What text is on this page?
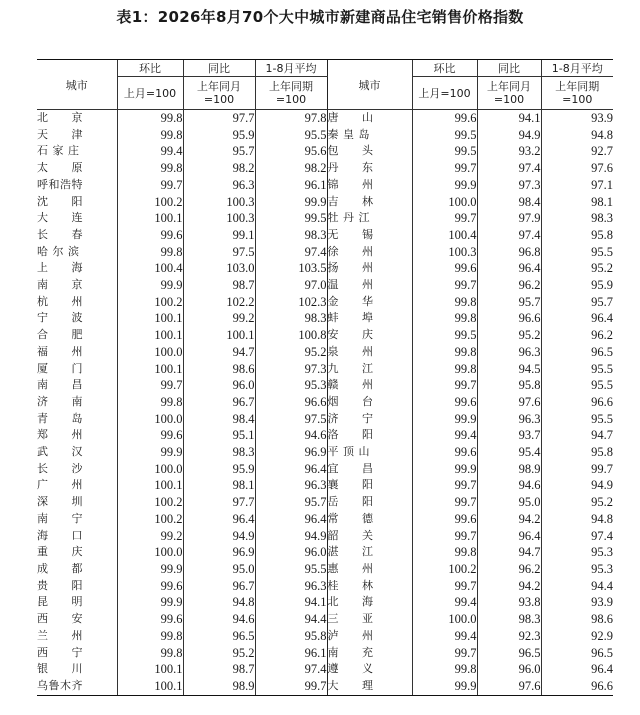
表1：2026年8月70个大中城市新建商品住宅销售价格指数
城市	环比	同比	1-8月平均	城市	环比	同比	1-8月平均
	上月=100	上年同月=100	上年同期=100		上月=100	上年同月=100	上年同期=100
北　　京	99.8	97.7	97.8	唐　　山	99.6	94.1	93.9
天　　津	99.8	95.9	95.5	秦 皇 岛	99.5	94.9	94.8
石 家 庄	99.4	95.7	95.6	包　　头	99.5	93.2	92.7
太　　原	99.8	98.2	98.2	丹　　东	99.7	97.4	97.6
呼和浩特	99.7	96.3	96.1	锦　　州	99.9	97.3	97.1
沈　　阳	100.2	100.3	99.9	吉　　林	100.0	98.4	98.1
大　　连	100.1	100.3	99.5	牡 丹 江	99.7	97.9	98.3
长　　春	99.6	99.1	98.3	无　　锡	100.4	97.4	95.8
哈 尔 滨	99.8	97.5	97.4	徐　　州	100.3	96.8	95.5
上　　海	100.4	103.0	103.5	扬　　州	99.6	96.4	95.2
南　　京	99.9	98.7	97.0	温　　州	99.7	96.2	95.9
杭　　州	100.2	102.2	102.3	金　　华	99.8	95.7	95.7
宁　　波	100.1	99.2	98.3	蚌　　埠	99.8	96.6	96.4
合　　肥	100.1	100.1	100.8	安　　庆	99.5	95.2	96.2
福　　州	100.0	94.7	95.2	泉　　州	99.8	96.3	96.5
厦　　门	100.1	98.6	97.3	九　　江	99.8	94.5	95.5
南　　昌	99.7	96.0	95.3	赣　　州	99.7	95.8	95.5
济　　南	99.8	96.7	96.6	烟　　台	99.6	97.6	96.6
青　　岛	100.0	98.4	97.5	济　　宁	99.9	96.3	95.5
郑　　州	99.6	95.1	94.6	洛　　阳	99.4	93.7	94.7
武　　汉	99.9	98.3	96.9	平 顶 山	99.6	95.4	95.8
长　　沙	100.0	95.9	96.4	宜　　昌	99.9	98.9	99.7
广　　州	100.1	98.1	96.3	襄　　阳	99.7	94.6	94.9
深　　圳	100.2	97.7	95.7	岳　　阳	99.7	95.0	95.2
南　　宁	100.2	96.4	96.4	常　　德	99.6	94.2	94.8
海　　口	99.2	94.9	94.9	韶　　关	99.7	96.4	97.4
重　　庆	100.0	96.9	96.0	湛　　江	99.8	94.7	95.3
成　　都	99.9	95.0	95.5	惠　　州	100.2	96.2	95.3
贵　　阳	99.6	96.7	96.3	桂　　林	99.7	94.2	94.4
昆　　明	99.9	94.8	94.1	北　　海	99.4	93.8	93.9
西　　安	99.6	94.6	94.4	三　　亚	100.0	98.3	98.6
兰　　州	99.8	96.5	95.8	泸　　州	99.4	92.3	92.9
西　　宁	99.8	95.2	96.1	南　　充	99.7	96.5	96.5
银　　川	100.1	98.7	97.4	遵　　义	99.8	96.0	96.4
乌鲁木齐	100.1	98.9	99.7	大　　理	99.9	97.6	96.6
